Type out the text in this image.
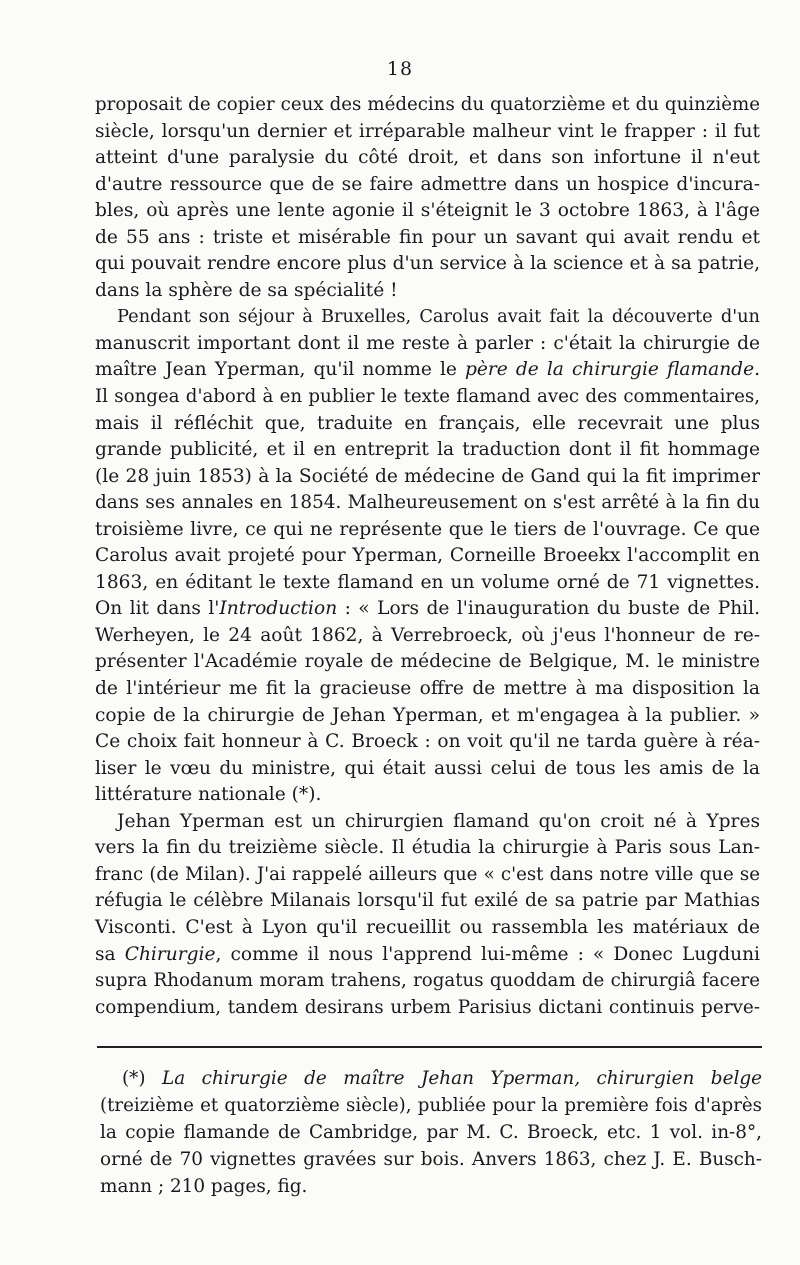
18
proposait de copier ceux des médecins du quatorzième et du quinzième
siècle, lorsqu'un dernier et irréparable malheur vint le frapper : il fut
atteint d'une paralysie du côté droit, et dans son infortune il n'eut
d'autre ressource que de se faire admettre dans un hospice d'incura-
bles, où après une lente agonie il s'éteignit le 3 octobre 1863, à l'âge
de 55 ans : triste et misérable fin pour un savant qui avait rendu et
qui pouvait rendre encore plus d'un service à la science et à sa patrie,
dans la sphère de sa spécialité !
Pendant son séjour à Bruxelles, Carolus avait fait la découverte d'un
manuscrit important dont il me reste à parler : c'était la chirurgie de
maître Jean Yperman, qu'il nomme le père de la chirurgie flamande.
Il songea d'abord à en publier le texte flamand avec des commentaires,
mais il réfléchit que, traduite en français, elle recevrait une plus
grande publicité, et il en entreprit la traduction dont il fit hommage
(le 28 juin 1853) à la Société de médecine de Gand qui la fit imprimer
dans ses annales en 1854. Malheureusement on s'est arrêté à la fin du
troisième livre, ce qui ne représente que le tiers de l'ouvrage. Ce que
Carolus avait projeté pour Yperman, Corneille Broeekx l'accomplit en
1863, en éditant le texte flamand en un volume orné de 71 vignettes.
On lit dans l'Introduction : « Lors de l'inauguration du buste de Phil.
Werheyen, le 24 août 1862, à Verrebroeck, où j'eus l'honneur de re-
présenter l'Académie royale de médecine de Belgique, M. le ministre
de l'intérieur me fit la gracieuse offre de mettre à ma disposition la
copie de la chirurgie de Jehan Yperman, et m'engagea à la publier. »
Ce choix fait honneur à C. Broeck : on voit qu'il ne tarda guère à réa-
liser le vœu du ministre, qui était aussi celui de tous les amis de la
littérature nationale (*).
Jehan Yperman est un chirurgien flamand qu'on croit né à Ypres
vers la fin du treizième siècle. Il étudia la chirurgie à Paris sous Lan-
franc (de Milan). J'ai rappelé ailleurs que « c'est dans notre ville que se
réfugia le célèbre Milanais lorsqu'il fut exilé de sa patrie par Mathias
Visconti. C'est à Lyon qu'il recueillit ou rassembla les matériaux de
sa Chirurgie, comme il nous l'apprend lui-même : « Donec Lugduni
supra Rhodanum moram trahens, rogatus quoddam de chirurgiâ facere
compendium, tandem desirans urbem Parisius dictani continuis perve-
(*) La chirurgie de maître Jehan Yperman, chirurgien belge
(treizième et quatorzième siècle), publiée pour la première fois d'après
la copie flamande de Cambridge, par M. C. Broeck, etc. 1 vol. in-8°,
orné de 70 vignettes gravées sur bois. Anvers 1863, chez J. E. Busch-
mann ; 210 pages, fig.
